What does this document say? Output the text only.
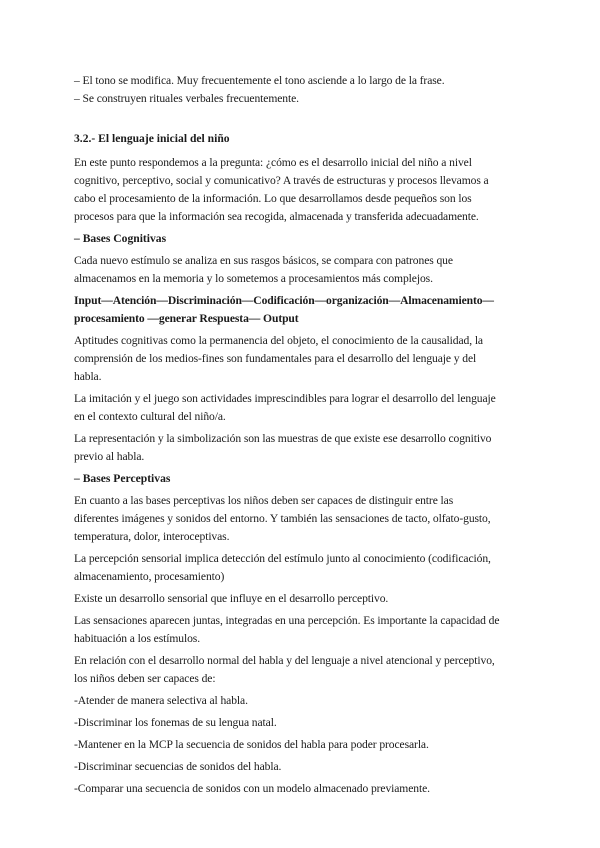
– El tono se modifica. Muy frecuentemente el tono asciende a lo largo de la frase.

– Se construyen rituales verbales frecuentemente.

3.2.- El lenguaje inicial del niño

En este punto respondemos a la pregunta: ¿cómo es el desarrollo inicial del niño a nivel

cognitivo, perceptivo, social y comunicativo? A través de estructuras y procesos llevamos a

cabo el procesamiento de la información. Lo que desarrollamos desde pequeños son los

procesos para que la información sea recogida, almacenada y transferida adecuadamente.

– Bases Cognitivas

Cada nuevo estímulo se analiza en sus rasgos básicos, se compara con patrones que

almacenamos en la memoria y lo sometemos a procesamientos más complejos.

Input—Atención—Discriminación—Codificación—organización—Almacenamiento—

procesamiento —generar Respuesta— Output

Aptitudes cognitivas como la permanencia del objeto, el conocimiento de la causalidad, la

comprensión de los medios-fines son fundamentales para el desarrollo del lenguaje y del

habla.

La imitación y el juego son actividades imprescindibles para lograr el desarrollo del lenguaje

en el contexto cultural del niño/a.

La representación y la simbolización son las muestras de que existe ese desarrollo cognitivo

previo al habla.

– Bases Perceptivas

En cuanto a las bases perceptivas los niños deben ser capaces de distinguir entre las

diferentes imágenes y sonidos del entorno. Y también las sensaciones de tacto, olfato-gusto,

temperatura, dolor, interoceptivas.

La percepción sensorial implica detección del estímulo junto al conocimiento (codificación,

almacenamiento, procesamiento)

Existe un desarrollo sensorial que influye en el desarrollo perceptivo.

Las sensaciones aparecen juntas, integradas en una percepción. Es importante la capacidad de

habituación a los estímulos.

En relación con el desarrollo normal del habla y del lenguaje a nivel atencional y perceptivo,

los niños deben ser capaces de:

-Atender de manera selectiva al habla.

-Discriminar los fonemas de su lengua natal.

-Mantener en la MCP la secuencia de sonidos del habla para poder procesarla.

-Discriminar secuencias de sonidos del habla.

-Comparar una secuencia de sonidos con un modelo almacenado previamente.
